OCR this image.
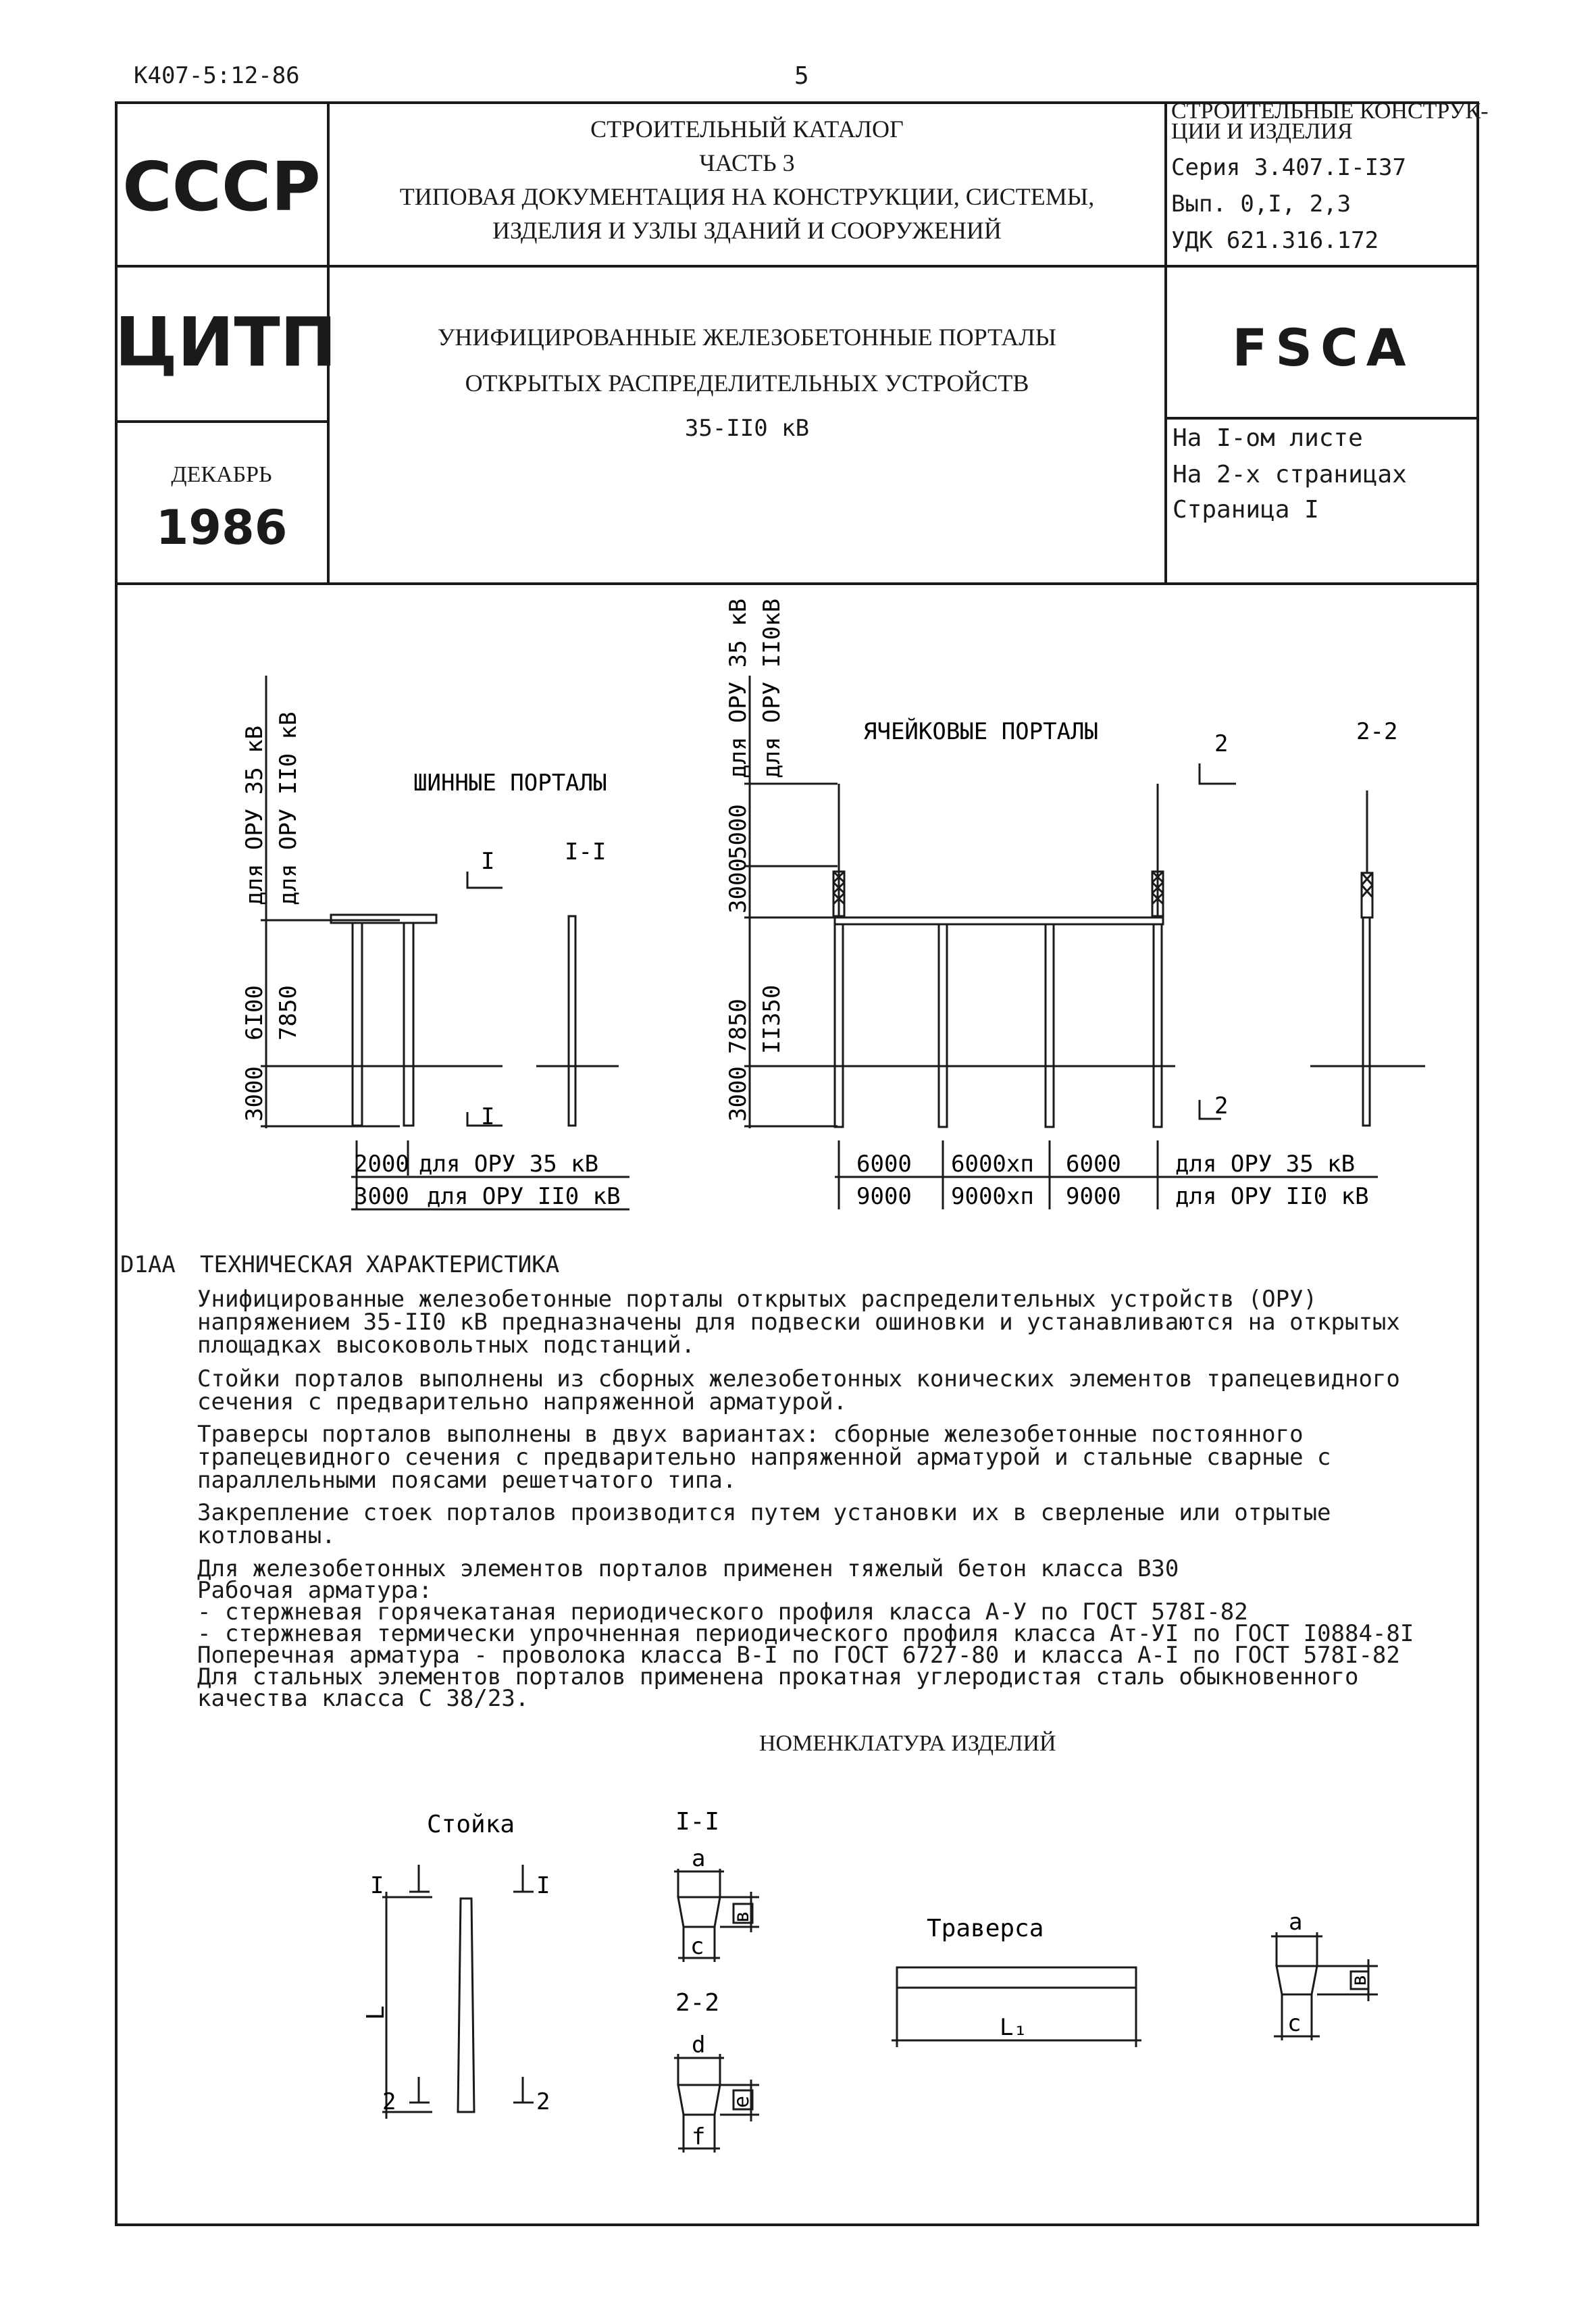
К407-5:12-86	5
СССР
ЦИТП
ДЕКАБРЬ
1986
СТРОИТЕЛЬНЫЙ КАТАЛОГ
ЧАСТЬ 3
ТИПОВАЯ ДОКУМЕНТАЦИЯ НА КОНСТРУКЦИИ, СИСТЕМЫ,
ИЗДЕЛИЯ И УЗЛЫ ЗДАНИЙ И СООРУЖЕНИЙ
УНИФИЦИРОВАННЫЕ ЖЕЛЕЗОБЕТОННЫЕ ПОРТАЛЫ
ОТКРЫТЫХ РАСПРЕДЕЛИТЕЛЬНЫХ УСТРОЙСТВ
35-II0 кВ
СТРОИТЕЛЬНЫЕ КОНСТРУК-
ЦИИ И ИЗДЕЛИЯ
Серия 3.407.I-I37
Вып. 0,I, 2,3
УДК 621.316.172
FSCA
На I-ом листе
На 2-х страницах
Страница I
3000
6I00 7850
для ОРУ 35 кВ для ОРУ II0 кВ	ШИННЫЕ ПОРТАЛЫ
I	I-I
I
2000 для ОРУ 35 кВ
3000 для ОРУ II0 кВ
3000
7850 II350
3000
5000
для ОРУ 35 кВ для ОРУ II0кВ	ЯЧЕЙКОВЫЕ ПОРТАЛЫ	2	2-2
2
6000 6000хп 6000 для ОРУ 35 кВ
9000 9000хп 9000 для ОРУ II0 кВ
D1AA ТЕХНИЧЕСКАЯ ХАРАКТЕРИСТИКА
Унифицированные железобетонные порталы открытых распределительных устройств (ОРУ) напряжением 35-II0 кВ предназначены для подвески ошиновки и устанавливаются на открытых площадках высоковольтных подстанций.
Стойки порталов выполнены из сборных железобетонных конических элементов трапецевидного сечения с предварительно напряженной арматурой.
Траверсы порталов выполнены в двух вариантах: сборные железобетонные постоянного трапецевидного сечения с предварительно напряженной арматурой и стальные сварные с параллельными поясами решетчатого типа.
Закрепление стоек порталов производится путем установки их в сверленые или отрытые котлованы.
Для железобетонных элементов порталов применен тяжелый бетон класса В30
Рабочая арматура:
- стержневая горячекатаная периодического профиля класса А-У по ГОСТ 578I-82
- стержневая термически упрочненная периодического профиля класса Ат-УI по ГОСТ I0884-8I
Поперечная арматура - проволока класса В-I по ГОСТ 6727-80 и класса А-I по ГОСТ 578I-82
Для стальных элементов порталов применена прокатная углеродистая сталь обыкновенного
качества класса С 38/23.
НОМЕНКЛАТУРА ИЗДЕЛИЙ
Стойка
I	I
2	2
L
I-I
a
в
c
2-2
d
e
f
Траверса
L₁
a
в
c
